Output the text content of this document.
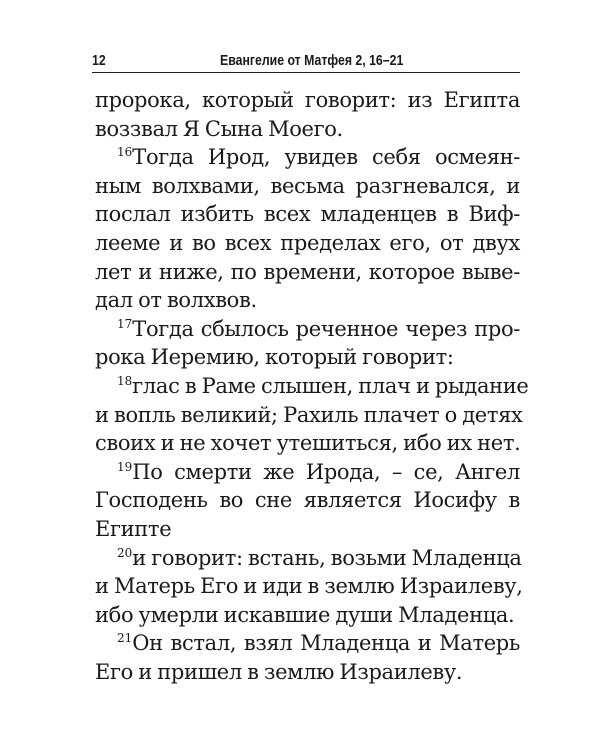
12	Евангелие от Матфея 2, 16–21
пророка, который говорит: из Египта
воззвал Я Сына Моего.
$^{16}$Тогда Ирод, увидев себя осмеян-
ным волхвами, весьма разгневался, и
послал избить всех младенцев в Виф-
лееме и во всех пределах его, от двух
лет и ниже, по времени, которое выве-
дал от волхвов.
$^{17}$Тогда сбылось реченное через про-
рока Иеремию, который говорит:
$^{18}$глас в Раме слышен, плач и рыдание
и вопль великий; Рахиль плачет о детях
своих и не хочет утешиться, ибо их нет.
$^{19}$По смерти же Ирода, – се, Ангел
Господень во сне является Иосифу в
Египте
$^{20}$и говорит: встань, возьми Младенца
и Матерь Его и иди в землю Израилеву,
ибо умерли искавшие души Младенца.
$^{21}$Он встал, взял Младенца и Матерь
Его и пришел в землю Израилеву.
